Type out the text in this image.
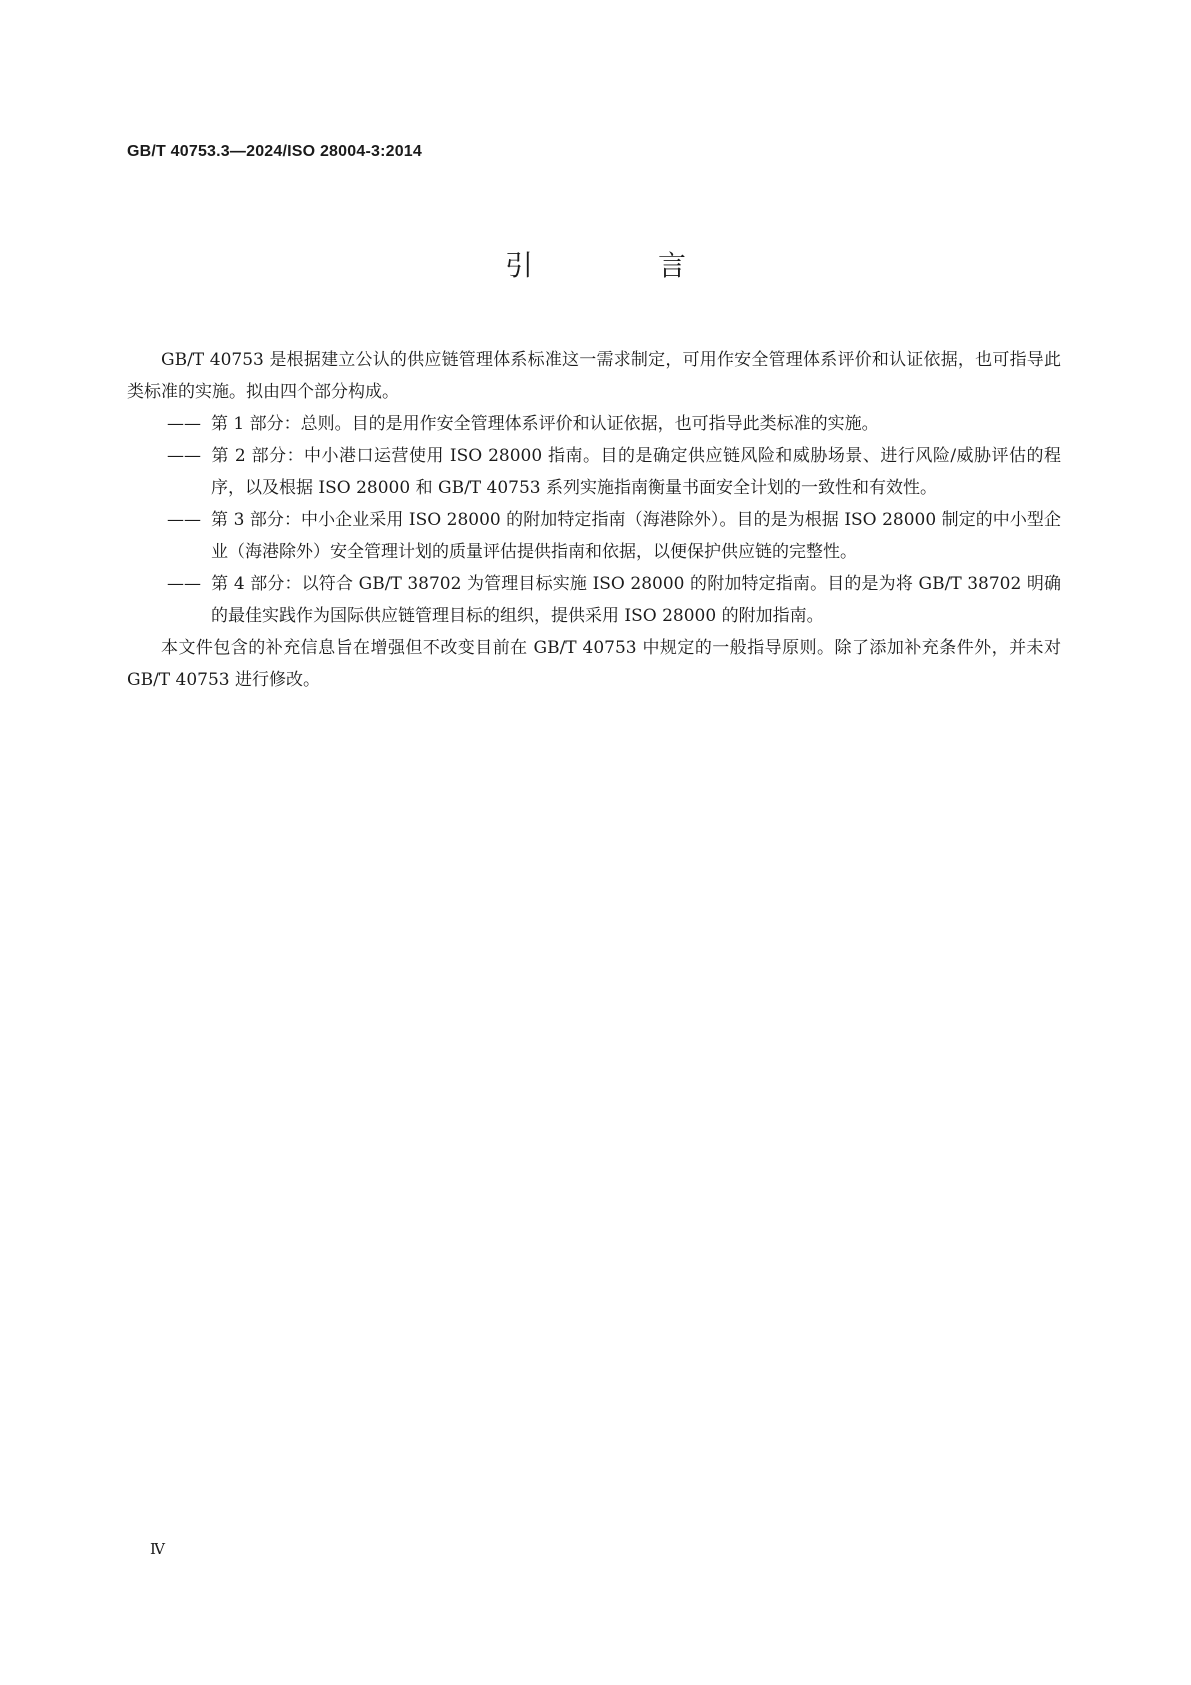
GB/T 40753.3—2024/ISO 28004-3:2014
引 言

GB/T 40753 是根据建立公认的供应链管理体系标准这一需求制定，可用作安全管理体系评价和认证依据，也可指导此类标准的实施。拟由四个部分构成。

—— 第 1 部分：总则。目的是用作安全管理体系评价和认证依据，也可指导此类标准的实施。

—— 第 2 部分：中小港口运营使用 ISO 28000 指南。目的是确定供应链风险和威胁场景、进行风险/威胁评估的程序，以及根据 ISO 28000 和 GB/T 40753 系列实施指南衡量书面安全计划的一致性和有效性。

—— 第 3 部分：中小企业采用 ISO 28000 的附加特定指南（海港除外）。目的是为根据 ISO 28000 制定的中小型企业（海港除外）安全管理计划的质量评估提供指南和依据，以便保护供应链的完整性。

—— 第 4 部分：以符合 GB/T 38702 为管理目标实施 ISO 28000 的附加特定指南。目的是为将 GB/T 38702 明确的最佳实践作为国际供应链管理目标的组织，提供采用 ISO 28000 的附加指南。

本文件包含的补充信息旨在增强但不改变目前在 GB/T 40753 中规定的一般指导原则。除了添加补充条件外，并未对 GB/T 40753 进行修改。

Ⅳ
